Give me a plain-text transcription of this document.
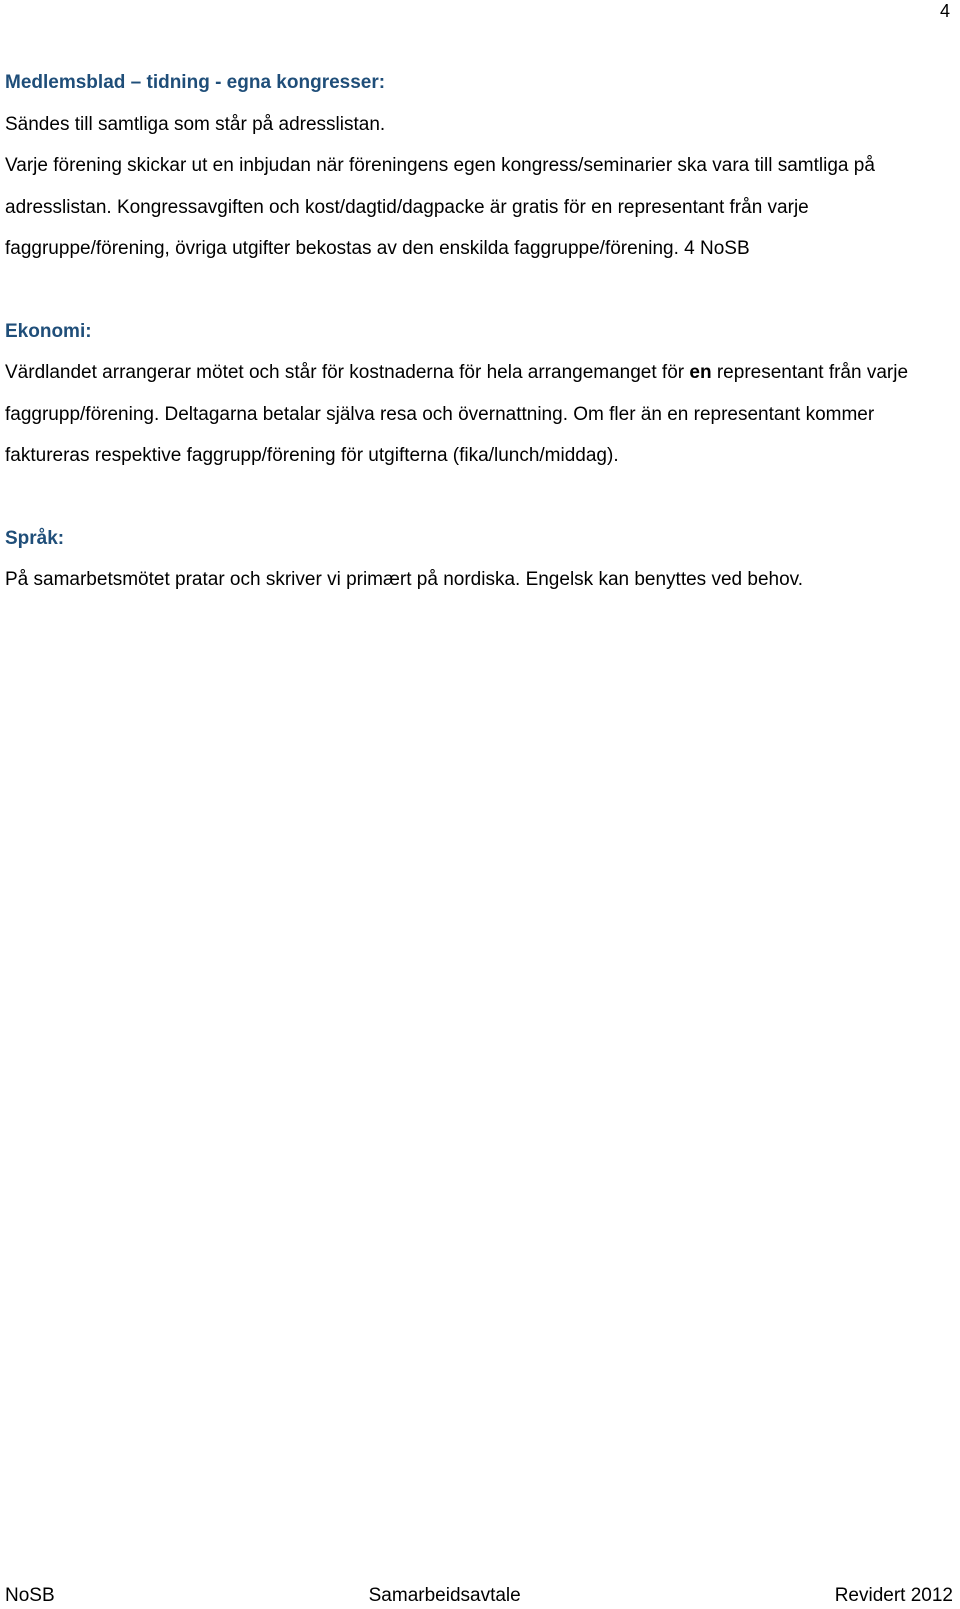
4

Medlemsblad – tidning - egna kongresser:

Sändes till samtliga som står på adresslistan.

Varje förening skickar ut en inbjudan när föreningens egen kongress/seminarier ska vara till samtliga på adresslistan. Kongressavgiften och kost/dagtid/dagpacke är gratis för en representant från varje faggruppe/förening, övriga utgifter bekostas av den enskilda faggruppe/förening. 4 NoSB

Ekonomi:

Värdlandet arrangerar mötet och står för kostnaderna för hela arrangemanget för en representant från varje faggrupp/förening. Deltagarna betalar själva resa och övernattning. Om fler än en representant kommer faktureras respektive faggrupp/förening för utgifterna (fika/lunch/middag).

Språk:

På samarbetsmötet pratar och skriver vi primært på nordiska. Engelsk kan benyttes ved behov.

NoSB	Samarbeidsavtale	Revidert 2012
